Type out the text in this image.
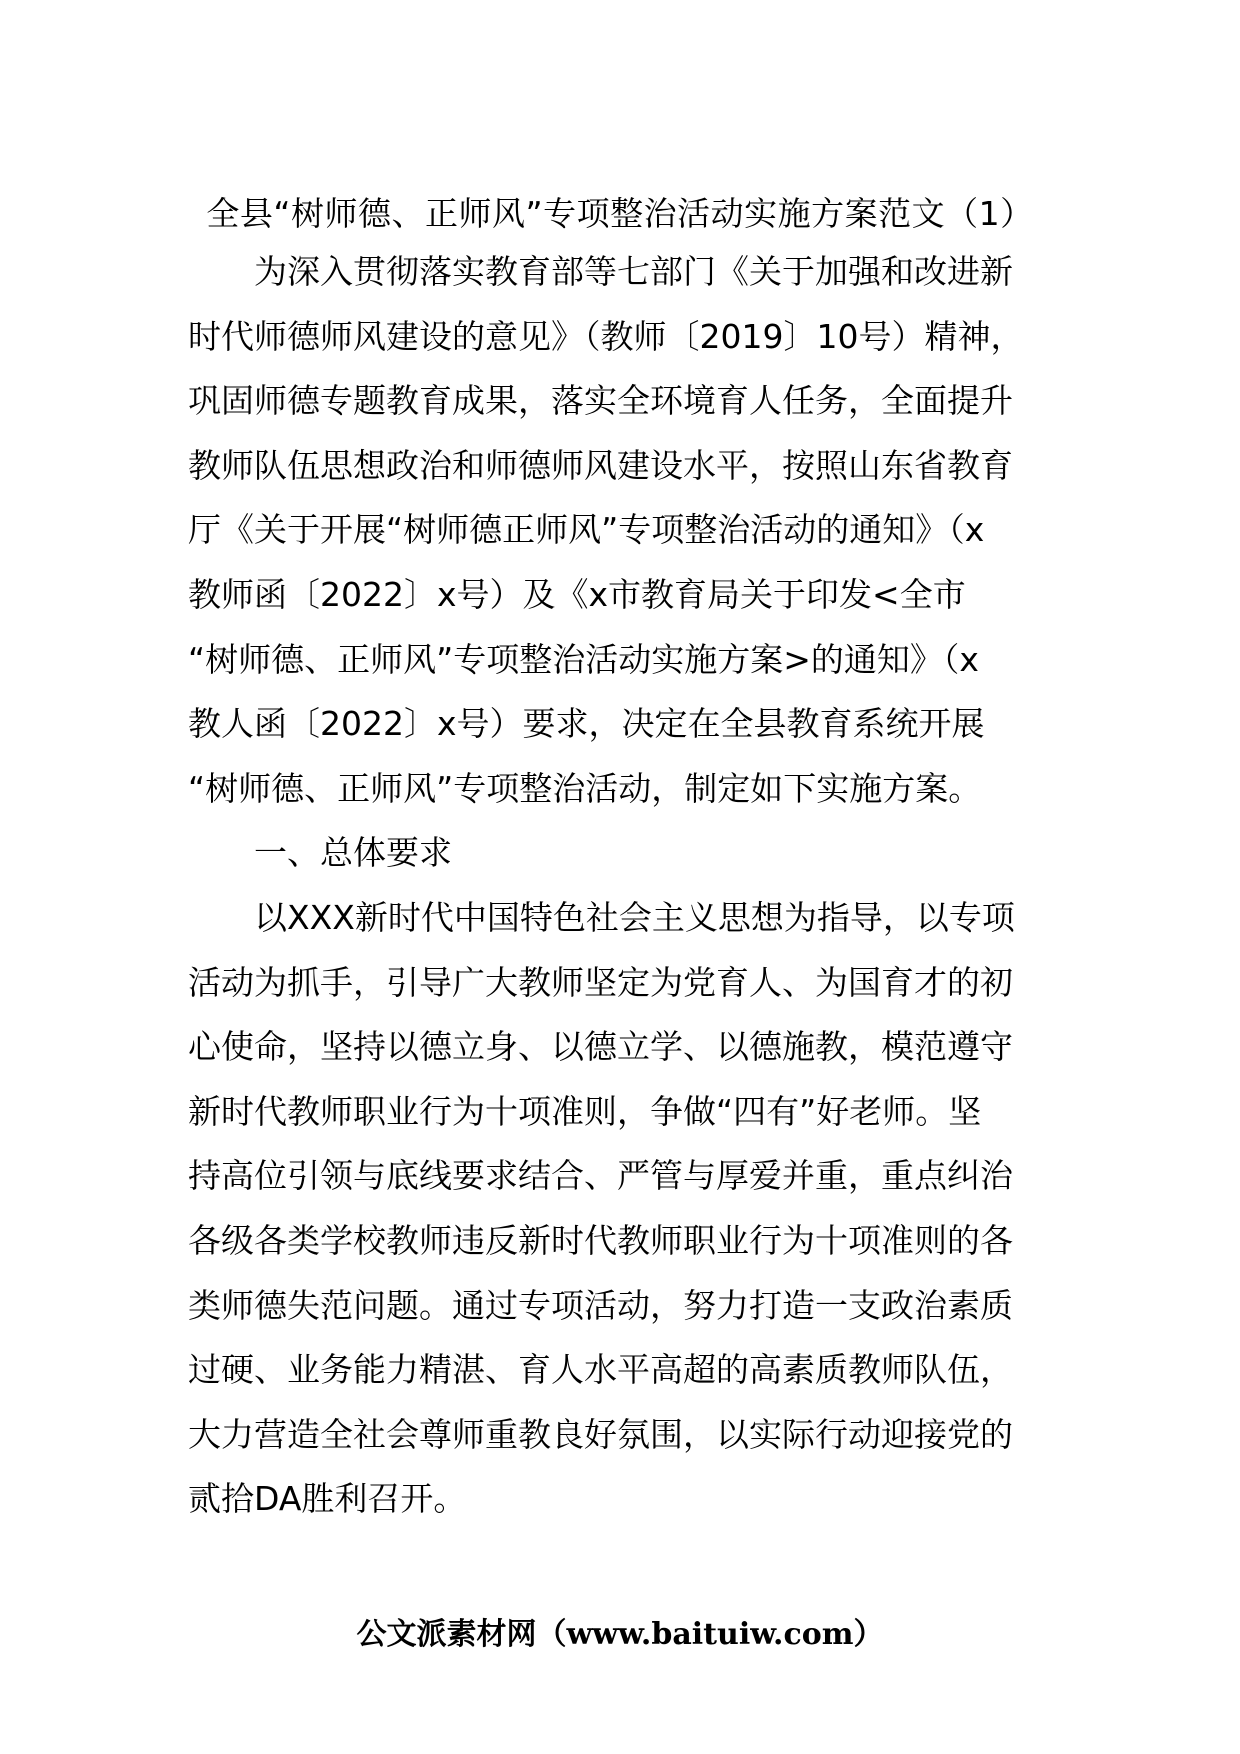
全县“树师德、正师风”专项整治活动实施方案范文（1）
　　为深入贯彻落实教育部等七部门《关于加强和改进新
时代师德师风建设的意见》（教师〔2019〕10号）精神，
巩固师德专题教育成果，落实全环境育人任务，全面提升
教师队伍思想政治和师德师风建设水平，按照山东省教育
厅《关于开展“树师德正师风”专项整治活动的通知》（x
教师函〔2022〕x号）及《x市教育局关于印发<全市
“树师德、正师风”专项整治活动实施方案>的通知》（x
教人函〔2022〕x号）要求，决定在全县教育系统开展
“树师德、正师风”专项整治活动，制定如下实施方案。
　　一、总体要求
　　以XXX新时代中国特色社会主义思想为指导，以专项
活动为抓手，引导广大教师坚定为党育人、为国育才的初
心使命，坚持以德立身、以德立学、以德施教，模范遵守
新时代教师职业行为十项准则，争做“四有”好老师。坚
持高位引领与底线要求结合、严管与厚爱并重，重点纠治
各级各类学校教师违反新时代教师职业行为十项准则的各
类师德失范问题。通过专项活动，努力打造一支政治素质
过硬、业务能力精湛、育人水平高超的高素质教师队伍，
大力营造全社会尊师重教良好氛围，以实际行动迎接党的
贰拾DA胜利召开。
公文派素材网（www.baituiw.com）
